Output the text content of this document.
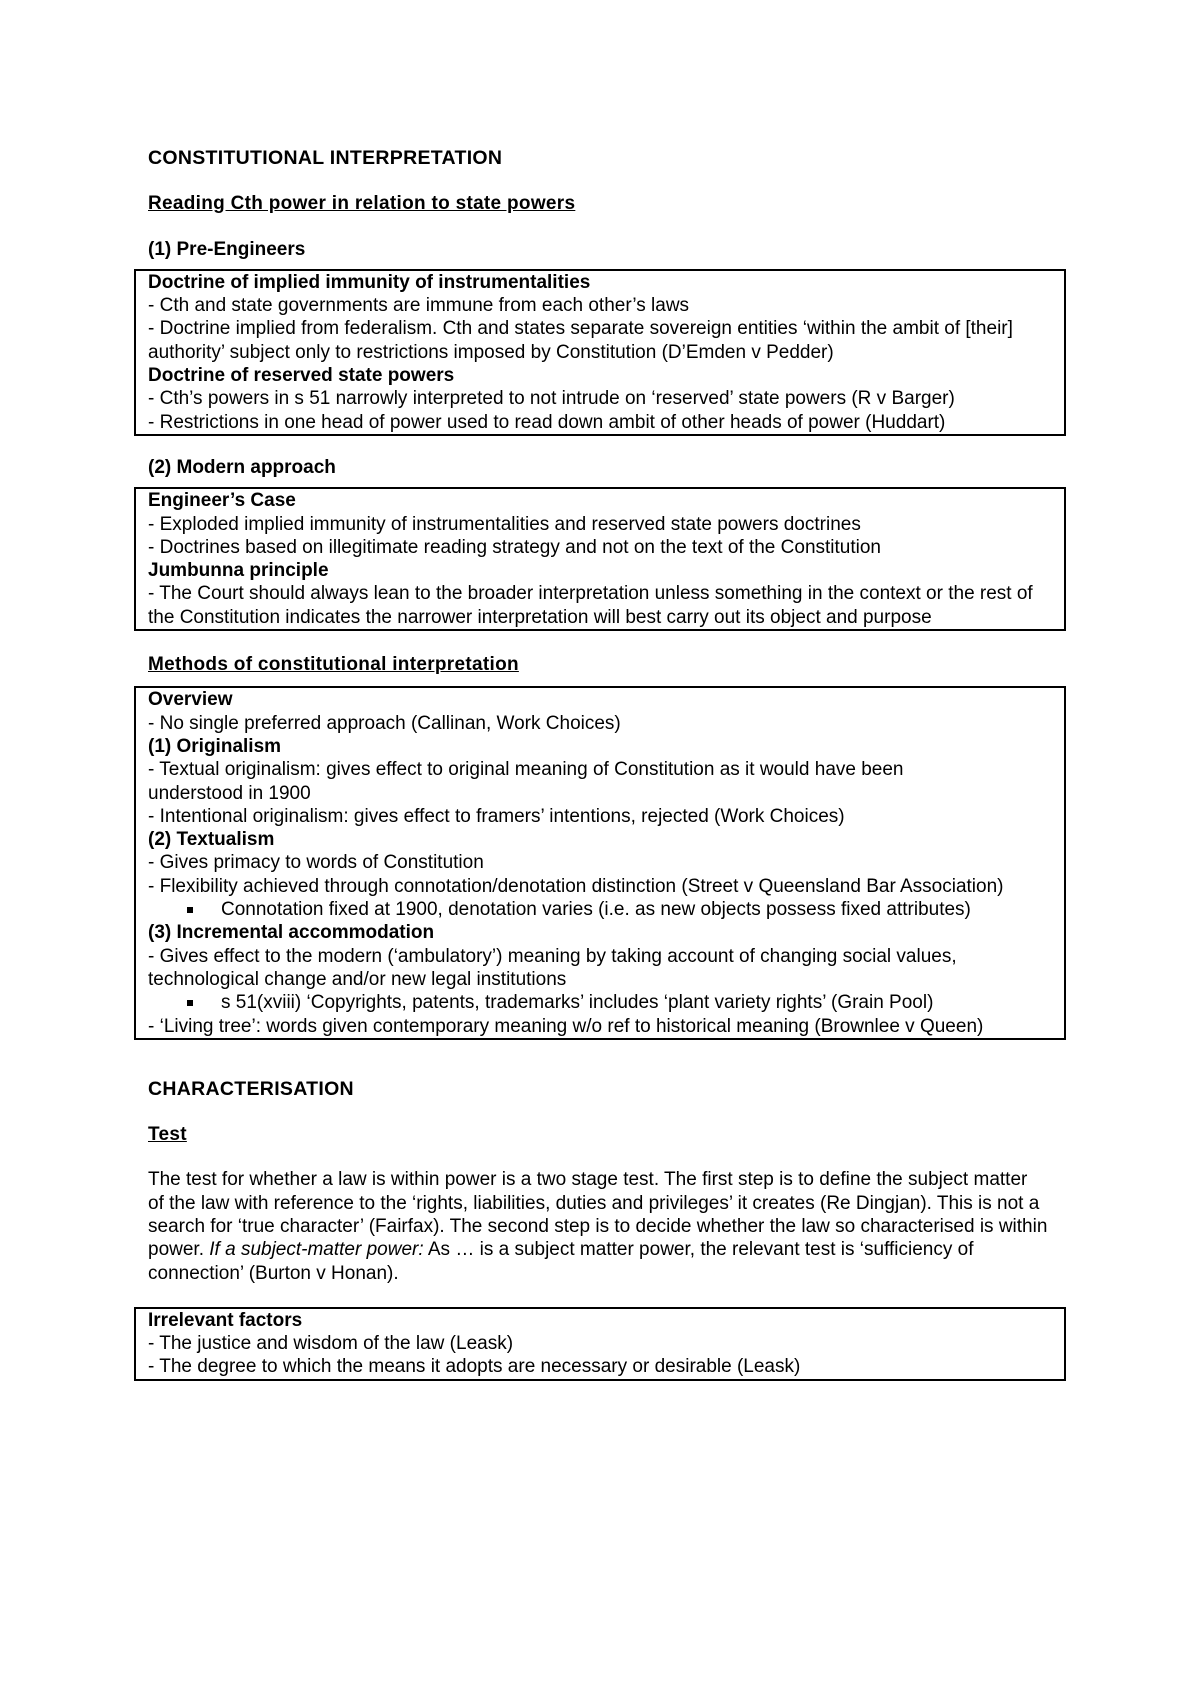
CONSTITUTIONAL INTERPRETATION

Reading Cth power in relation to state powers

(1) Pre-Engineers

Doctrine of implied immunity of instrumentalities
- Cth and state governments are immune from each other’s laws
- Doctrine implied from federalism. Cth and states separate sovereign entities ‘within the ambit of [their] authority’ subject only to restrictions imposed by Constitution (D’Emden v Pedder)
Doctrine of reserved state powers
- Cth’s powers in s 51 narrowly interpreted to not intrude on ‘reserved’ state powers (R v Barger)
- Restrictions in one head of power used to read down ambit of other heads of power (Huddart)

(2) Modern approach

Engineer’s Case
- Exploded implied immunity of instrumentalities and reserved state powers doctrines
- Doctrines based on illegitimate reading strategy and not on the text of the Constitution
Jumbunna principle
- The Court should always lean to the broader interpretation unless something in the context or the rest of the Constitution indicates the narrower interpretation will best carry out its object and purpose

Methods of constitutional interpretation

Overview
- No single preferred approach (Callinan, Work Choices)
(1) Originalism
- Textual originalism: gives effect to original meaning of Constitution as it would have been understood in 1900
- Intentional originalism: gives effect to framers’ intentions, rejected (Work Choices)
(2) Textualism
- Gives primacy to words of Constitution
- Flexibility achieved through connotation/denotation distinction (Street v Queensland Bar Association)
Connotation fixed at 1900, denotation varies (i.e. as new objects possess fixed attributes)
(3) Incremental accommodation
- Gives effect to the modern (‘ambulatory’) meaning by taking account of changing social values, technological change and/or new legal institutions
s 51(xviii) ‘Copyrights, patents, trademarks’ includes ‘plant variety rights’ (Grain Pool)
- ‘Living tree’: words given contemporary meaning w/o ref to historical meaning (Brownlee v Queen)

CHARACTERISATION

Test

The test for whether a law is within power is a two stage test. The first step is to define the subject matter of the law with reference to the ‘rights, liabilities, duties and privileges’ it creates (Re Dingjan). This is not a search for ‘true character’ (Fairfax). The second step is to decide whether the law so characterised is within power. If a subject-matter power: As … is a subject matter power, the relevant test is ‘sufficiency of connection’ (Burton v Honan).

Irrelevant factors
- The justice and wisdom of the law (Leask)
- The degree to which the means it adopts are necessary or desirable (Leask)
